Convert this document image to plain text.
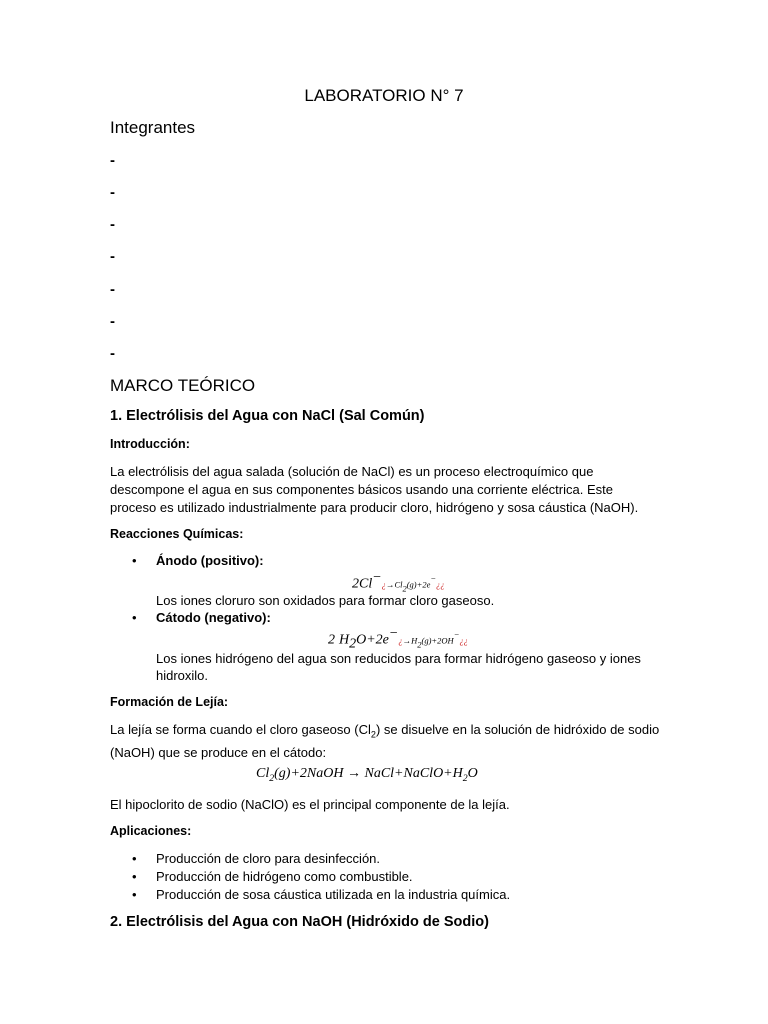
LABORATORIO N° 7
Integrantes
-
-
-
-
-
-
-
MARCO TEÓRICO
1. Electrólisis del Agua con NaCl (Sal Común)
Introducción:
La electrólisis del agua salada (solución de NaCl) es un proceso electroquímico que descompone el agua en sus componentes básicos usando una corriente eléctrica. Este proceso es utilizado industrialmente para producir cloro, hidrógeno y sosa cáustica (NaOH).
Reacciones Químicas:
• Ánodo (positivo):
$2Cl^-¿\to Cl_2(g)+2e^-¿¿$
Los iones cloruro son oxidados para formar cloro gaseoso.
• Cátodo (negativo):
2 $H_2O+2e^-¿\to H_2(g)+2OH^-¿¿$
Los iones hidrógeno del agua son reducidos para formar hidrógeno gaseoso y iones hidroxilo.
Formación de Lejía:
La lejía se forma cuando el cloro gaseoso $(Cl_2)$ se disuelve en la solución de hidróxido de sodio (NaOH) que se produce en el cátodo:
$Cl_2(g)+2NaOH$ → $NaCl+NaClO+H_2O$
El hipoclorito de sodio (NaClO) es el principal componente de la lejía.
Aplicaciones:
• Producción de cloro para desinfección.
• Producción de hidrógeno como combustible.
• Producción de sosa cáustica utilizada en la industria química.
2. Electrólisis del Agua con NaOH (Hidróxido de Sodio)
